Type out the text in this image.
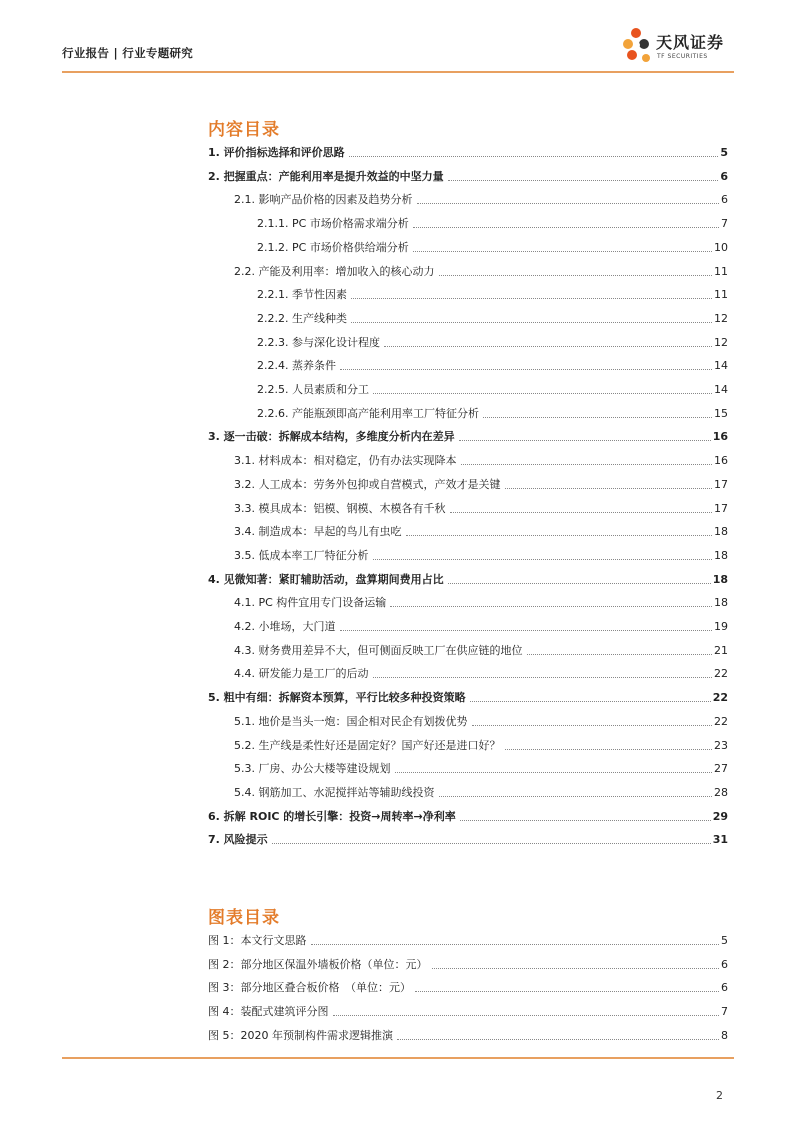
行业报告 | 行业专题研究
天风证券
TF SECURITIES
内容目录
1. 评价指标选择和评价思路	5
2. 把握重点：产能利用率是提升效益的中坚力量	6
2.1. 影响产品价格的因素及趋势分析	6
2.1.1. PC 市场价格需求端分析	7
2.1.2. PC 市场价格供给端分析	10
2.2. 产能及利用率：增加收入的核心动力	11
2.2.1. 季节性因素	11
2.2.2. 生产线种类	12
2.2.3. 参与深化设计程度	12
2.2.4. 蒸养条件	14
2.2.5. 人员素质和分工	14
2.2.6. 产能瓶颈即高产能利用率工厂特征分析	15
3. 逐一击破：拆解成本结构，多维度分析内在差异	16
3.1. 材料成本：相对稳定，仍有办法实现降本	16
3.2. 人工成本：劳务外包抑或自营模式，产效才是关键	17
3.3. 模具成本：铝模、钢模、木模各有千秋	17
3.4. 制造成本：早起的鸟儿有虫吃	18
3.5. 低成本率工厂特征分析	18
4. 见微知著：紧盯辅助活动，盘算期间费用占比	18
4.1. PC 构件宜用专门设备运输	18
4.2. 小堆场，大门道	19
4.3. 财务费用差异不大，但可侧面反映工厂在供应链的地位	21
4.4. 研发能力是工厂的后动	22
5. 粗中有细：拆解资本预算，平行比较多种投资策略	22
5.1. 地价是当头一炮：国企相对民企有划拨优势	22
5.2. 生产线是柔性好还是固定好？国产好还是进口好？	23
5.3. 厂房、办公大楼等建设规划	27
5.4. 钢筋加工、水泥搅拌站等辅助线投资	28
6. 拆解 ROIC 的增长引擎：投资→周转率→净利率	29
7. 风险提示	31
图表目录
图 1：本文行文思路	5
图 2：部分地区保温外墙板价格（单位：元）	6
图 3：部分地区叠合板价格　（单位：元）	6
图 4：装配式建筑评分图	7
图 5：2020 年预制构件需求逻辑推演	8
2
